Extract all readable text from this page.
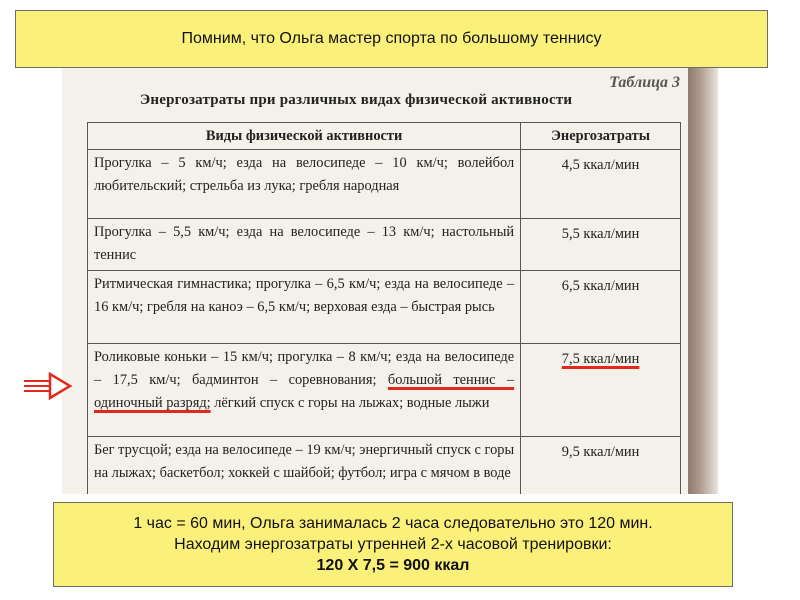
Помним, что Ольга мастер спорта по большому теннису
Таблица 3
Энергозатраты при различных видах физической активности
Виды физической активности	Энергозатраты
Прогулка – 5 км/ч; езда на велосипеде – 10 км/ч; волейбол любительский; стрельба из лука; гребля народная	4,5 ккал/мин
Прогулка – 5,5 км/ч; езда на велосипеде – 13 км/ч; настольный теннис	5,5 ккал/мин
Ритмическая гимнастика; прогулка – 6,5 км/ч; езда на велосипеде – 16 км/ч; гребля на каноэ – 6,5 км/ч; верховая езда – быстрая рысь	6,5 ккал/мин
Роликовые коньки – 15 км/ч; прогулка – 8 км/ч; езда на велосипеде – 17,5 км/ч; бадминтон – соревнования; большой теннис – одиночный разряд; лёгкий спуск с горы на лыжах; водные лыжи	7,5 ккал/мин
Бег трусцой; езда на велосипеде – 19 км/ч; энергичный спуск с горы на лыжах; баскетбол; хоккей с шайбой; футбол; игра с мячом в воде	9,5 ккал/мин
1 час = 60 мин, Ольга занималась 2 часа следовательно это 120 мин.
Находим энергозатраты утренней 2-х часовой тренировки:
120 Х 7,5 = 900 ккал
